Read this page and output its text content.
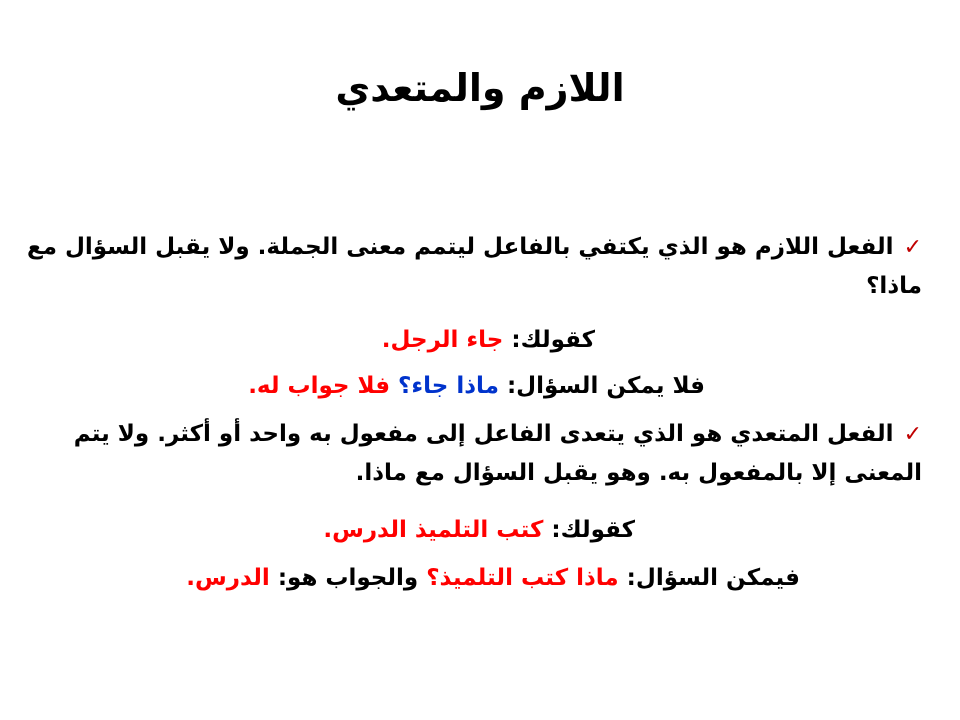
اللازم والمتعدي
✓الفعل اللازم هو الذي يكتفي بالفاعل ليتمم معنى الجملة. ولا يقبل السؤال مع ماذا؟
كقولك: جاء الرجل.
فلا يمكن السؤال: ماذا جاء؟ فلا جواب له.
✓الفعل المتعدي هو الذي يتعدى الفاعل إلى مفعول به واحد أو أكثر. ولا يتم المعنى إلا بالمفعول به. وهو يقبل السؤال مع ماذا.
كقولك: كتب التلميذ الدرس.
فيمكن السؤال: ماذا كتب التلميذ؟ والجواب هو: الدرس.
